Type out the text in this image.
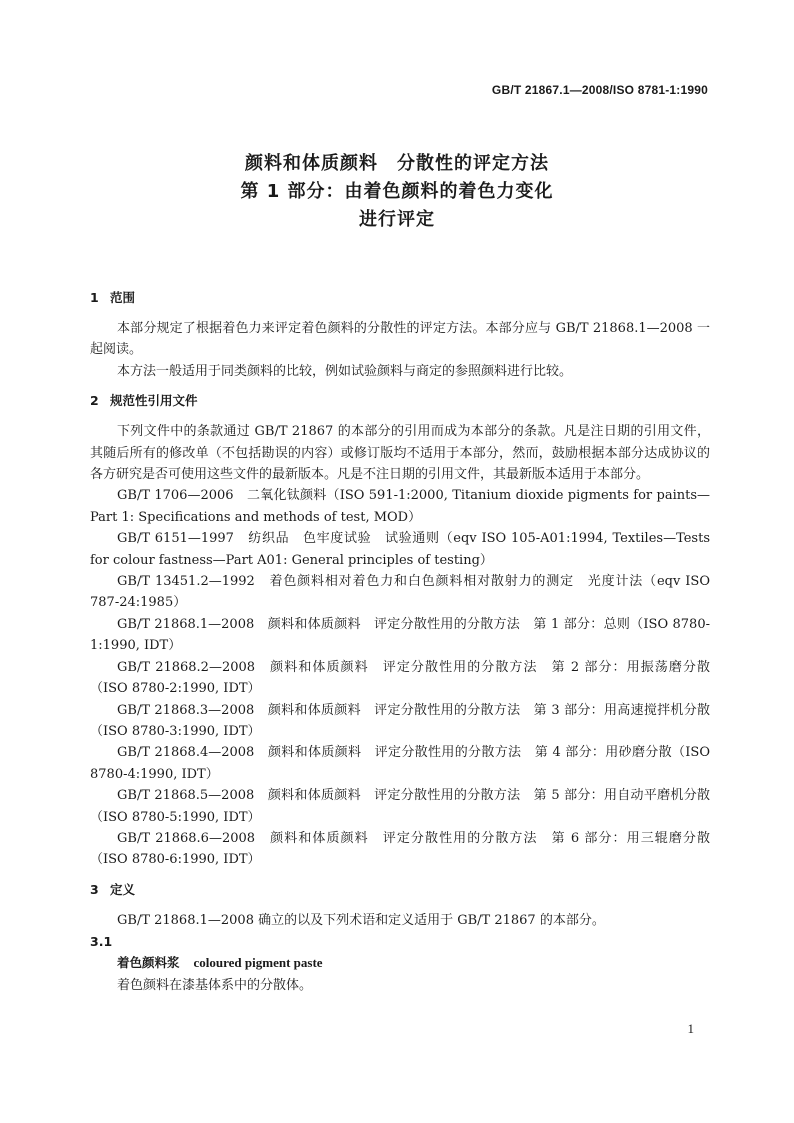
GB/T 21867.1—2008/ISO 8781-1:1990
颜料和体质颜料　分散性的评定方法
第 1 部分：由着色颜料的着色力变化
进行评定
1 范围

本部分规定了根据着色力来评定着色颜料的分散性的评定方法。本部分应与 GB/T 21868.1—2008 一起阅读。

本方法一般适用于同类颜料的比较，例如试验颜料与商定的参照颜料进行比较。

2 规范性引用文件

下列文件中的条款通过 GB/T 21867 的本部分的引用而成为本部分的条款。凡是注日期的引用文件，其随后所有的修改单（不包括勘误的内容）或修订版均不适用于本部分，然而，鼓励根据本部分达成协议的各方研究是否可使用这些文件的最新版本。凡是不注日期的引用文件，其最新版本适用于本部分。

GB/T 1706—2006　二氧化钛颜料（ISO 591-1:2000, Titanium dioxide pigments for paints—Part 1: Specifications and methods of test, MOD）

GB/T 6151—1997　纺织品　色牢度试验　试验通则（eqv ISO 105-A01:1994, Textiles—Tests for colour fastness—Part A01: General principles of testing）

GB/T 13451.2—1992　着色颜料相对着色力和白色颜料相对散射力的测定　光度计法（eqv ISO 787-24:1985）

GB/T 21868.1—2008　颜料和体质颜料　评定分散性用的分散方法　第 1 部分：总则（ISO 8780-1:1990, IDT）

GB/T 21868.2—2008　颜料和体质颜料　评定分散性用的分散方法　第 2 部分：用振荡磨分散（ISO 8780-2:1990, IDT）

GB/T 21868.3—2008　颜料和体质颜料　评定分散性用的分散方法　第 3 部分：用高速搅拌机分散（ISO 8780-3:1990, IDT）

GB/T 21868.4—2008　颜料和体质颜料　评定分散性用的分散方法　第 4 部分：用砂磨分散（ISO 8780-4:1990, IDT）

GB/T 21868.5—2008　颜料和体质颜料　评定分散性用的分散方法　第 5 部分：用自动平磨机分散（ISO 8780-5:1990, IDT）

GB/T 21868.6—2008　颜料和体质颜料　评定分散性用的分散方法　第 6 部分：用三辊磨分散（ISO 8780-6:1990, IDT）

3 定义

GB/T 21868.1—2008 确立的以及下列术语和定义适用于 GB/T 21867 的本部分。

3.1

着色颜料浆 coloured pigment paste

着色颜料在漆基体系中的分散体。

1
